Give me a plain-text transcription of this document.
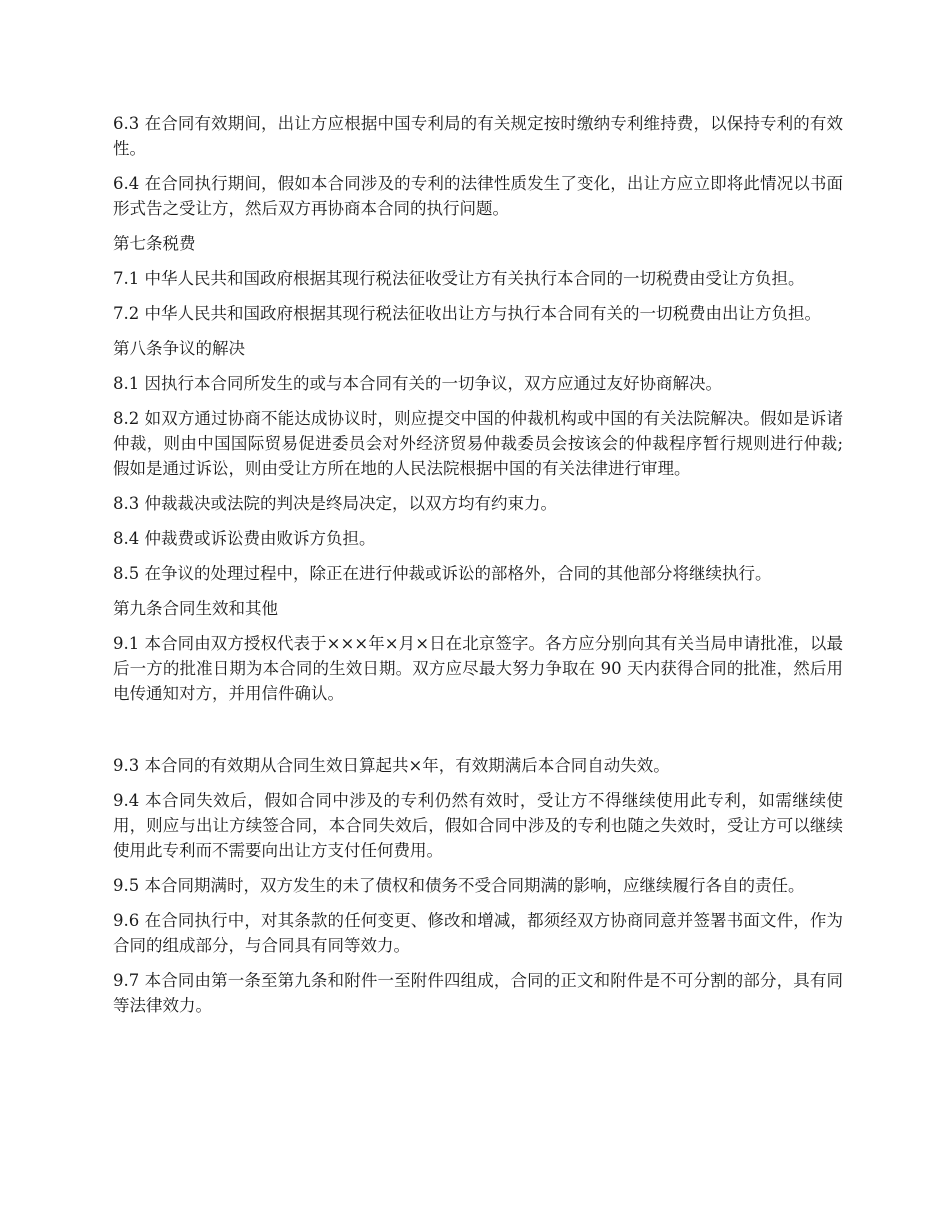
6.3 在合同有效期间，出让方应根据中国专利局的有关规定按时缴纳专利维持费，以保持专利的有效性。

6.4 在合同执行期间，假如本合同涉及的专利的法律性质发生了变化，出让方应立即将此情况以书面形式告之受让方，然后双方再协商本合同的执行问题。

第七条税费

7.1 中华人民共和国政府根据其现行税法征收受让方有关执行本合同的一切税费由受让方负担。

7.2 中华人民共和国政府根据其现行税法征收出让方与执行本合同有关的一切税费由出让方负担。

第八条争议的解决

8.1 因执行本合同所发生的或与本合同有关的一切争议，双方应通过友好协商解决。

8.2 如双方通过协商不能达成协议时，则应提交中国的仲裁机构或中国的有关法院解决。假如是诉诸仲裁，则由中国国际贸易促进委员会对外经济贸易仲裁委员会按该会的仲裁程序暂行规则进行仲裁;假如是通过诉讼，则由受让方所在地的人民法院根据中国的有关法律进行审理。

8.3 仲裁裁决或法院的判决是终局决定，以双方均有约束力。

8.4 仲裁费或诉讼费由败诉方负担。

8.5 在争议的处理过程中，除正在进行仲裁或诉讼的部格外，合同的其他部分将继续执行。

第九条合同生效和其他

9.1 本合同由双方授权代表于×××年×月×日在北京签字。各方应分别向其有关当局申请批准，以最后一方的批准日期为本合同的生效日期。双方应尽最大努力争取在 90 天内获得合同的批准，然后用电传通知对方，并用信件确认。

9.3 本合同的有效期从合同生效日算起共×年，有效期满后本合同自动失效。

9.4 本合同失效后，假如合同中涉及的专利仍然有效时，受让方不得继续使用此专利，如需继续使用，则应与出让方续签合同，本合同失效后，假如合同中涉及的专利也随之失效时，受让方可以继续使用此专利而不需要向出让方支付任何费用。

9.5 本合同期满时，双方发生的未了债权和债务不受合同期满的影响，应继续履行各自的责任。

9.6 在合同执行中，对其条款的任何变更、修改和增减，都须经双方协商同意并签署书面文件，作为合同的组成部分，与合同具有同等效力。

9.7 本合同由第一条至第九条和附件一至附件四组成，合同的正文和附件是不可分割的部分，具有同等法律效力。
